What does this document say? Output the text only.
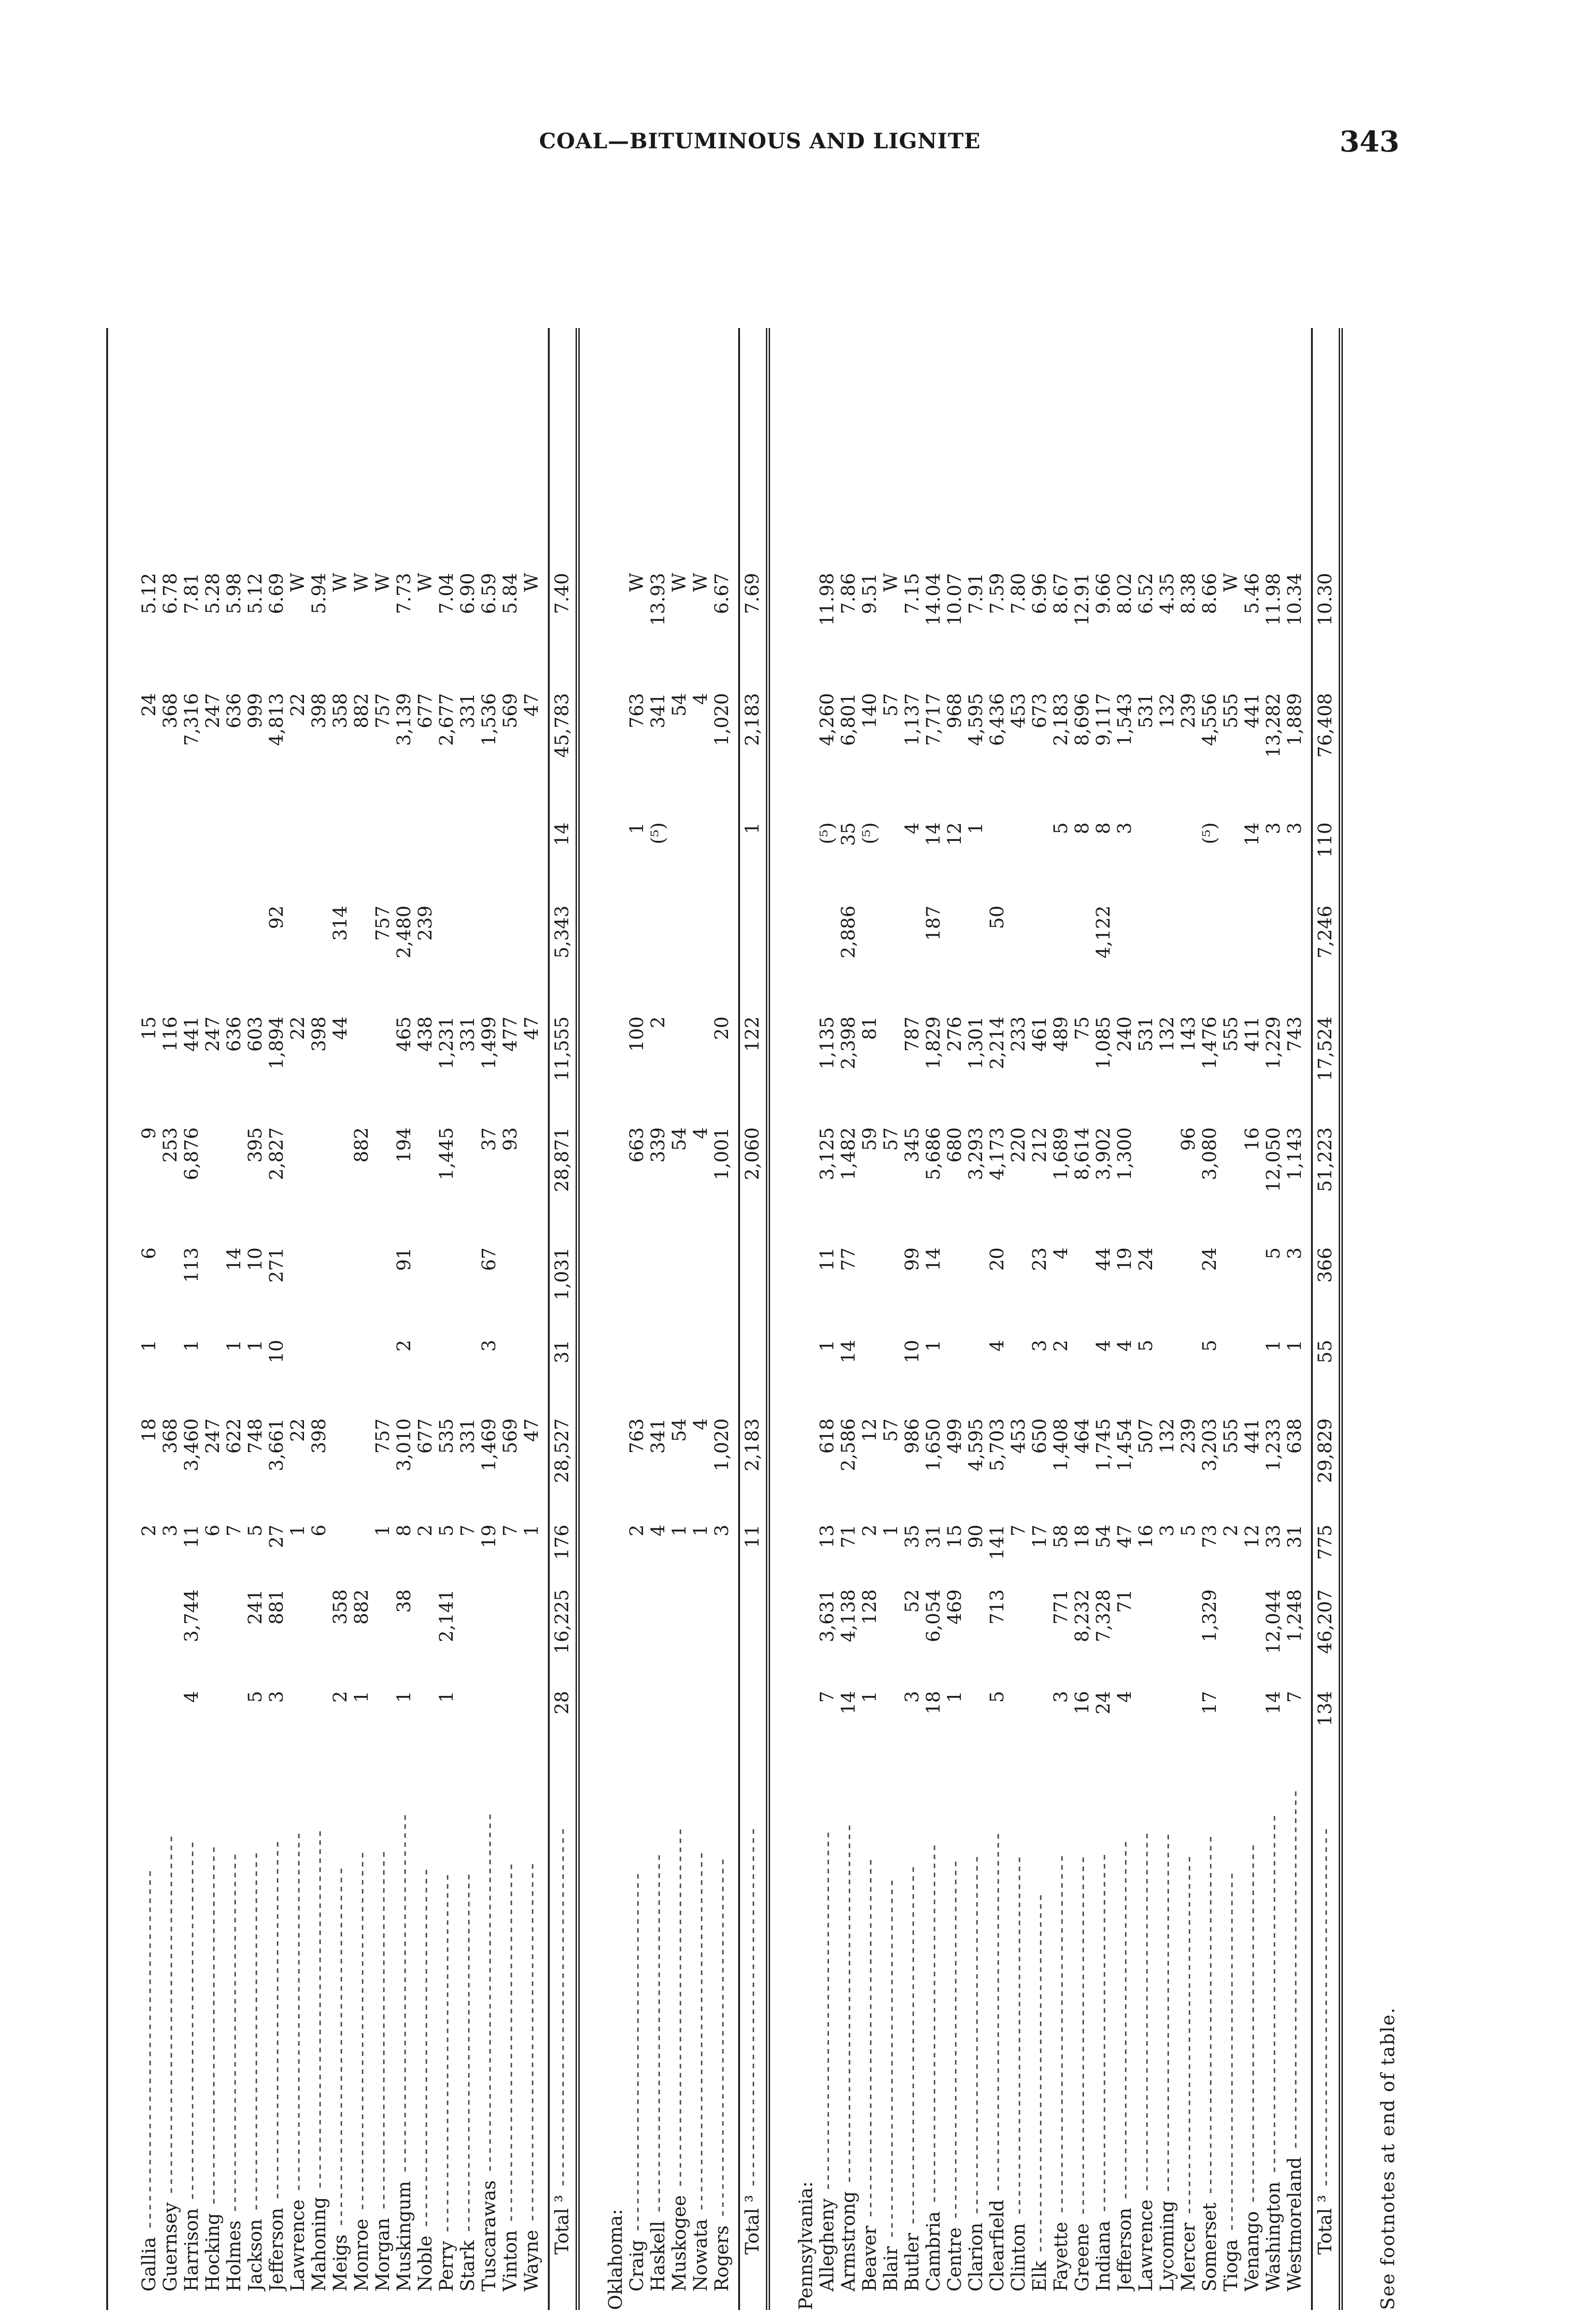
COAL—BITUMINOUS AND LIGNITE	343
Gallia ----------------------------------------
2
18
1
6
9
15
24
5.12
Guernsey ----------------------------------------
3
368
253
116
368
6.78
Harrison ----------------------------------------
4
3,744
11
3,460
1
113
6,876
441
7,316
7.81
Hocking ----------------------------------------
6
247
247
247
5.28
Holmes ----------------------------------------
7
622
1
14
636
636
5.98
Jackson ----------------------------------------
5
241
5
748
1
10
395
603
999
5.12
Jefferson ----------------------------------------
3
881
27
3,661
10
271
2,827
1,894
92
4,813
6.69
Lawrence ----------------------------------------
1
22
22
22
W
Mahoning ----------------------------------------
6
398
398
398
5.94
Meigs ----------------------------------------
2
358
44
314
358
W
Monroe ----------------------------------------
1
882
882
882
W
Morgan ----------------------------------------
1
757
757
757
W
Muskingum ----------------------------------------
1
38
8
3,010
2
91
194
465
2,480
3,139
7.73
Noble ----------------------------------------
2
677
438
239
677
W
Perry ----------------------------------------
1
2,141
5
535
1,445
1,231
2,677
7.04
Stark ----------------------------------------
7
331
331
331
6.90
Tuscarawas ----------------------------------------
19
1,469
3
67
37
1,499
1,536
6.59
Vinton ----------------------------------------
7
569
93
477
569
5.84
Wayne ----------------------------------------
1
47
47
47
W
Total ³ ----------------------------------------
28
16,225
176
28,527
31
1,031
28,871
11,555
5,343
14
45,783
7.40
Oklahoma: Craig ----------------------------------------
2
763
663
100
1
763
W
Haskell ----------------------------------------
4
341
339
2
(⁵)
341
13.93
Muskogee ----------------------------------------
1
54
54
54
W
Nowata ----------------------------------------
1
4
4
4
W
Rogers ----------------------------------------
3
1,020
1,001
20
1,020
6.67
Total ³ ----------------------------------------
11
2,183
2,060
122
1
2,183
7.69
Pennsylvania: Allegheny ----------------------------------------
7
3,631
13
618
1
11
3,125
1,135
(⁵)
4,260
11.98
Armstrong ----------------------------------------
14
4,138
71
2,586
14
77
1,482
2,398
2,886
35
6,801
7.86
Beaver ----------------------------------------
1
128
2
12
59
81
(⁵)
140
9.51
Blair ----------------------------------------
1
57
57
57
W
Butler ----------------------------------------
3
52
35
986
10
99
345
787
4
1,137
7.15
Cambria ----------------------------------------
18
6,054
31
1,650
1
14
5,686
1,829
187
14
7,717
14.04
Centre ----------------------------------------
1
469
15
499
680
276
12
968
10.07
Clarion ----------------------------------------
90
4,595
3,293
1,301
1
4,595
7.91
Clearfield ----------------------------------------
5
713
141
5,703
4
20
4,173
2,214
50
6,436
7.59
Clinton ----------------------------------------
7
453
220
233
453
7.80
Elk ----------------------------------------
17
650
3
23
212
461
673
6.96
Fayette ----------------------------------------
3
771
58
1,408
2
4
1,689
489
5
2,183
8.67
Greene ----------------------------------------
16
8,232
18
464
8,614
75
8
8,696
12.91
Indiana ----------------------------------------
24
7,328
54
1,745
4
44
3,902
1,085
4,122
8
9,117
9.66
Jefferson ----------------------------------------
4
71
47
1,454
4
19
1,300
240
3
1,543
8.02
Lawrence ----------------------------------------
16
507
5
24
531
531
6.52
Lycoming ----------------------------------------
3
132
132
132
4.35
Mercer ----------------------------------------
5
239
96
143
239
8.38
Somerset ----------------------------------------
17
1,329
73
3,203
5
24
3,080
1,476
(⁵)
4,556
8.66
Tioga ----------------------------------------
2
555
555
555
W
Venango ----------------------------------------
12
441
16
411
14
441
5.46
Washington ----------------------------------------
14
12,044
33
1,233
1
5
12,050
1,229
3
13,282
11.98
Westmoreland ----------------------------------------
7
1,248
31
638
1
3
1,143
743
3
1,889
10.34
Total ³ ----------------------------------------
134
46,207
775
29,829
55
366
51,223
17,524
7,246
110
76,408
10.30
See footnotes at end of table.
